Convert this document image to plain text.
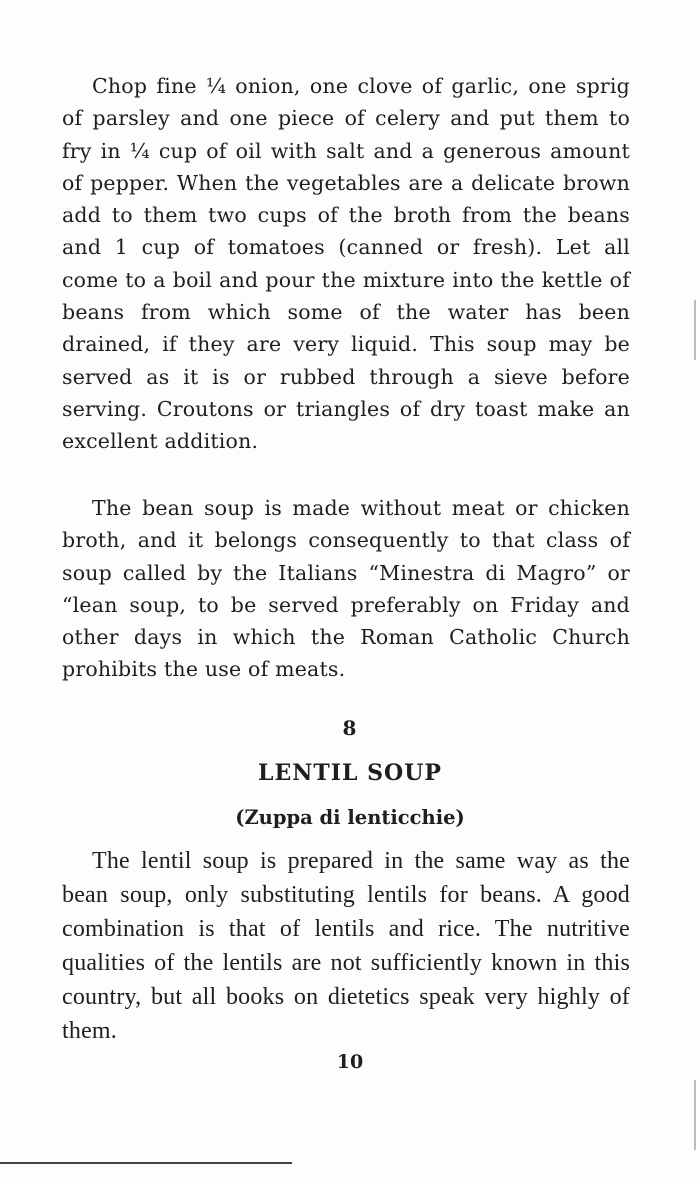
Chop fine ¼ onion, one clove of garlic, one sprig of parsley and one piece of celery and put them to fry in ¼ cup of oil with salt and a generous amount of pepper. When the vegetables are a delicate brown add to them two cups of the broth from the beans and 1 cup of tomatoes (canned or fresh). Let all come to a boil and pour the mixture into the kettle of beans from which some of the water has been drained, if they are very liquid. This soup may be served as it is or rubbed through a sieve before serving. Croutons or triangles of dry toast make an excellent addition.

The bean soup is made without meat or chicken broth, and it belongs consequently to that class of soup called by the Italians “Minestra di Magro” or “lean soup, to be served preferably on Friday and other days in which the Roman Catholic Church prohibits the use of meats.

8
LENTIL SOUP
(Zuppa di lenticchie)

The lentil soup is prepared in the same way as the bean soup, only substituting lentils for beans. A good combination is that of lentils and rice. The nutritive qualities of the lentils are not sufficiently known in this country, but all books on dietetics speak very highly of them.

10
